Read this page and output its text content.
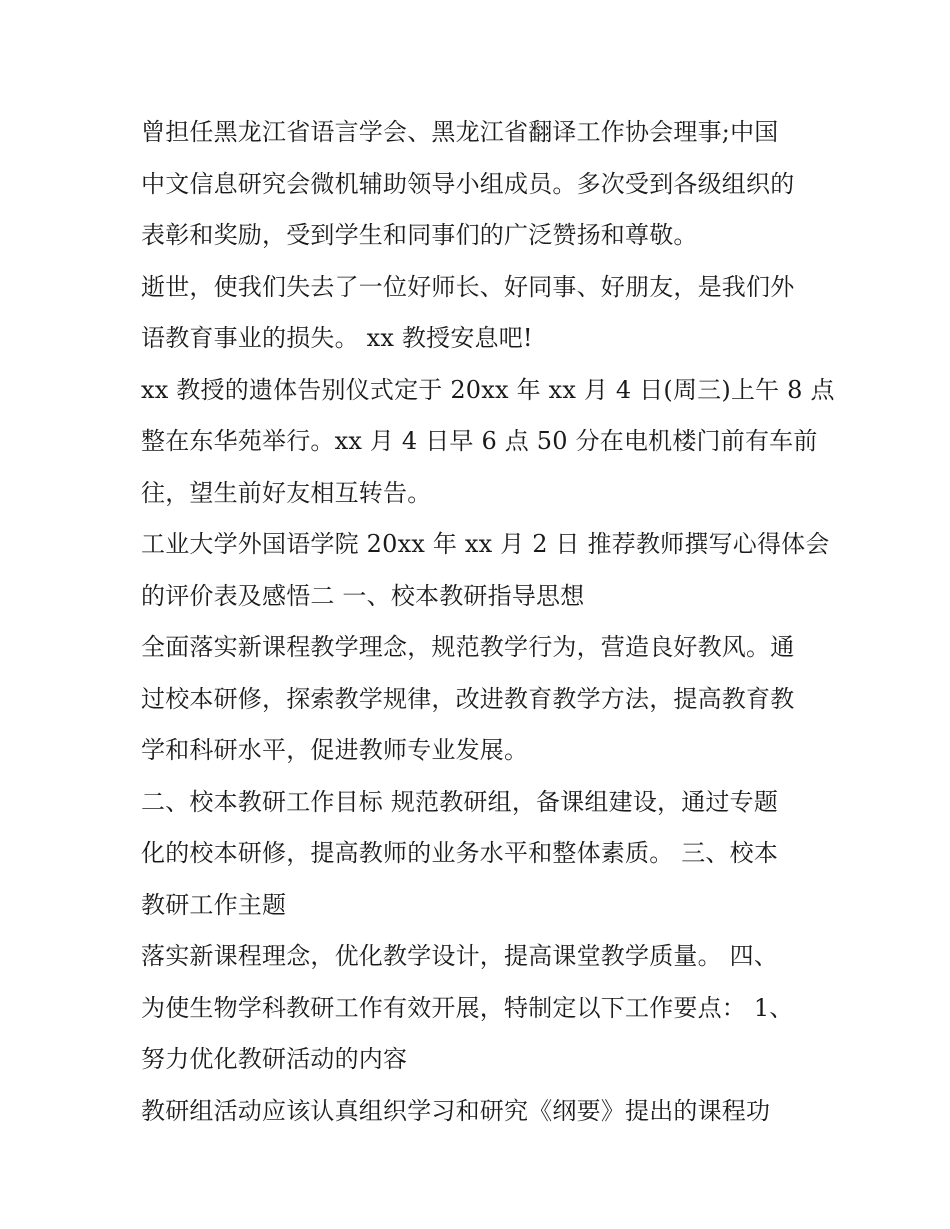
曾担任黑龙江省语言学会、黑龙江省翻译工作协会理事;中国
中文信息研究会微机辅助领导小组成员。多次受到各级组织的
表彰和奖励，受到学生和同事们的广泛赞扬和尊敬。
逝世，使我们失去了一位好师长、好同事、好朋友，是我们外
语教育事业的损失。 xx 教授安息吧!
xx 教授的遗体告别仪式定于 20xx 年 xx 月 4 日(周三)上午 8 点
整在东华苑举行。xx 月 4 日早 6 点 50 分在电机楼门前有车前
往，望生前好友相互转告。
工业大学外国语学院 20xx 年 xx 月 2 日 推荐教师撰写心得体会
的评价表及感悟二 一、校本教研指导思想
全面落实新课程教学理念，规范教学行为，营造良好教风。通
过校本研修，探索教学规律，改进教育教学方法，提高教育教
学和科研水平，促进教师专业发展。
二、校本教研工作目标 规范教研组，备课组建设，通过专题
化的校本研修，提高教师的业务水平和整体素质。 三、校本
教研工作主题
落实新课程理念，优化教学设计，提高课堂教学质量。 四、
为使生物学科教研工作有效开展，特制定以下工作要点： 1、
努力优化教研活动的内容
教研组活动应该认真组织学习和研究《纲要》提出的课程功
